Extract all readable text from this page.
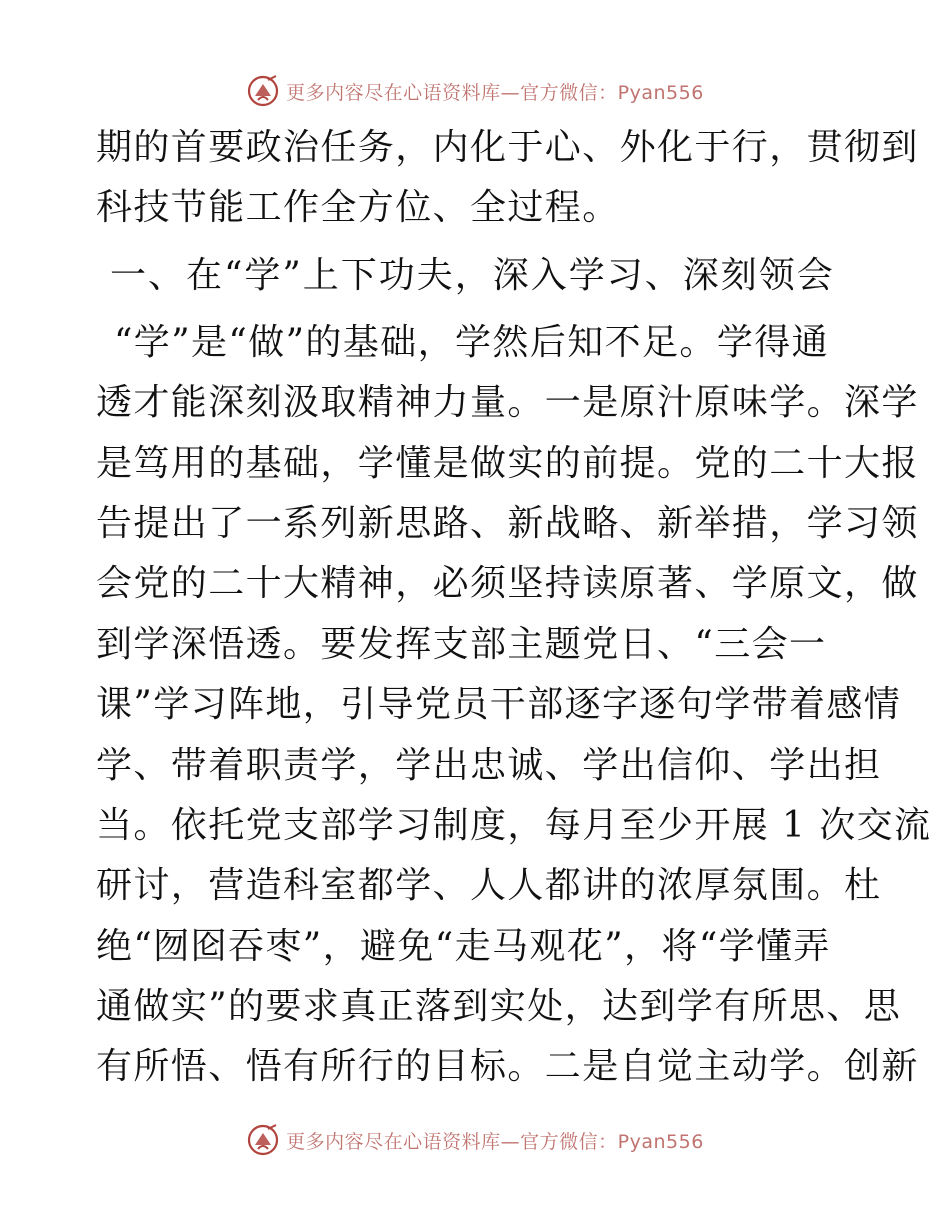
更多内容尽在心语资料库—官方微信：Pyan556
期的首要政治任务，内化于心、外化于行，贯彻到
科技节能工作全方位、全过程。
一、在“学”上下功夫，深入学习、深刻领会
“学”是“做”的基础，学然后知不足。学得通
透才能深刻汲取精神力量。一是原汁原味学。深学
是笃用的基础，学懂是做实的前提。党的二十大报
告提出了一系列新思路、新战略、新举措，学习领
会党的二十大精神，必须坚持读原著、学原文，做
到学深悟透。要发挥支部主题党日、“三会一
课”学习阵地，引导党员干部逐字逐句学带着感情
学、带着职责学，学出忠诚、学出信仰、学出担
当。依托党支部学习制度，每月至少开展 1 次交流
研讨，营造科室都学、人人都讲的浓厚氛围。杜
绝“囫囵吞枣”，避免“走马观花”，将“学懂弄
通做实”的要求真正落到实处，达到学有所思、思
有所悟、悟有所行的目标。二是自觉主动学。创新
更多内容尽在心语资料库—官方微信：Pyan556
